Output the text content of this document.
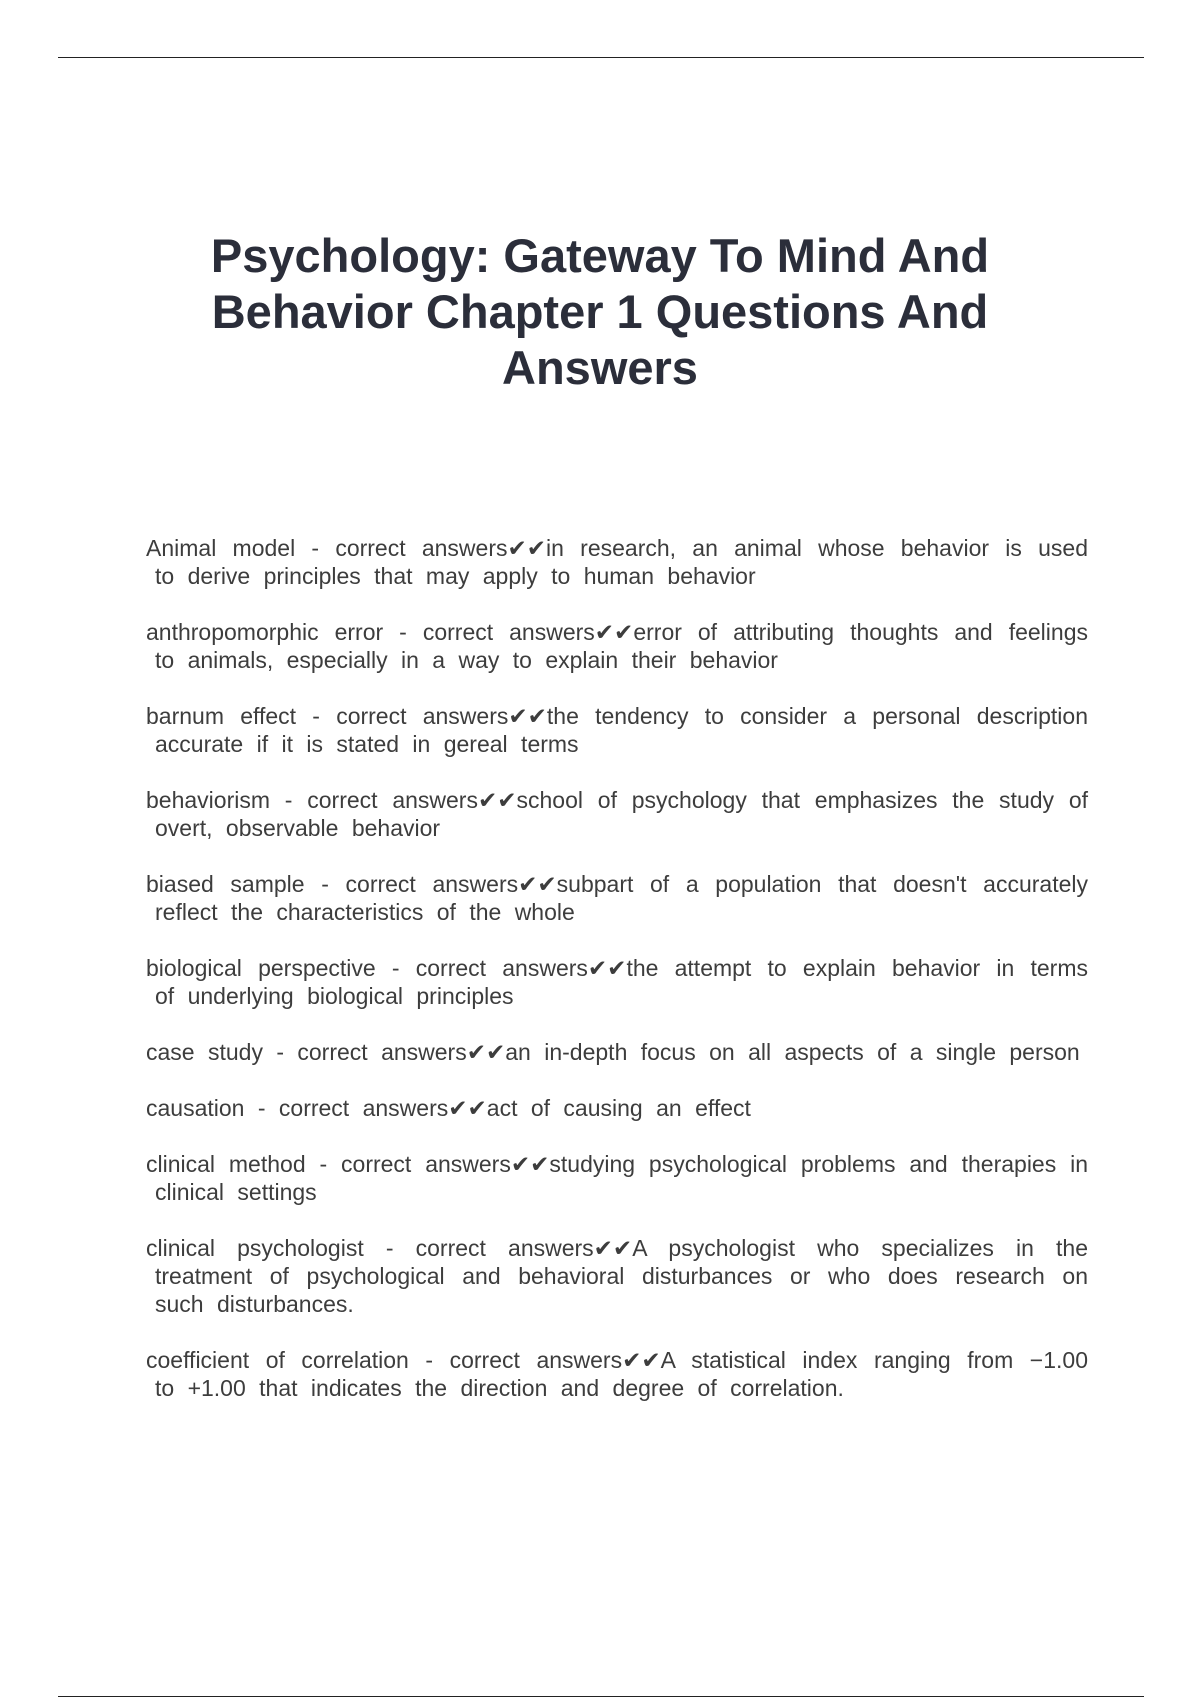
Psychology: Gateway To Mind And Behavior Chapter 1 Questions And Answers
Animal model - correct answers✔✔in research, an animal whose behavior is used to derive principles that may apply to human behavior
anthropomorphic error - correct answers✔✔error of attributing thoughts and feelings to animals, especially in a way to explain their behavior
barnum effect - correct answers✔✔the tendency to consider a personal description accurate if it is stated in gereal terms
behaviorism - correct answers✔✔school of psychology that emphasizes the study of overt, observable behavior
biased sample - correct answers✔✔subpart of a population that doesn't accurately reflect the characteristics of the whole
biological perspective - correct answers✔✔the attempt to explain behavior in terms of underlying biological principles
case study - correct answers✔✔an in-depth focus on all aspects of a single person
causation - correct answers✔✔act of causing an effect
clinical method - correct answers✔✔studying psychological problems and therapies in clinical settings
clinical psychologist - correct answers✔✔A psychologist who specializes in the treatment of psychological and behavioral disturbances or who does research on such disturbances.
coefficient of correlation - correct answers✔✔A statistical index ranging from −1.00 to +1.00 that indicates the direction and degree of correlation.
